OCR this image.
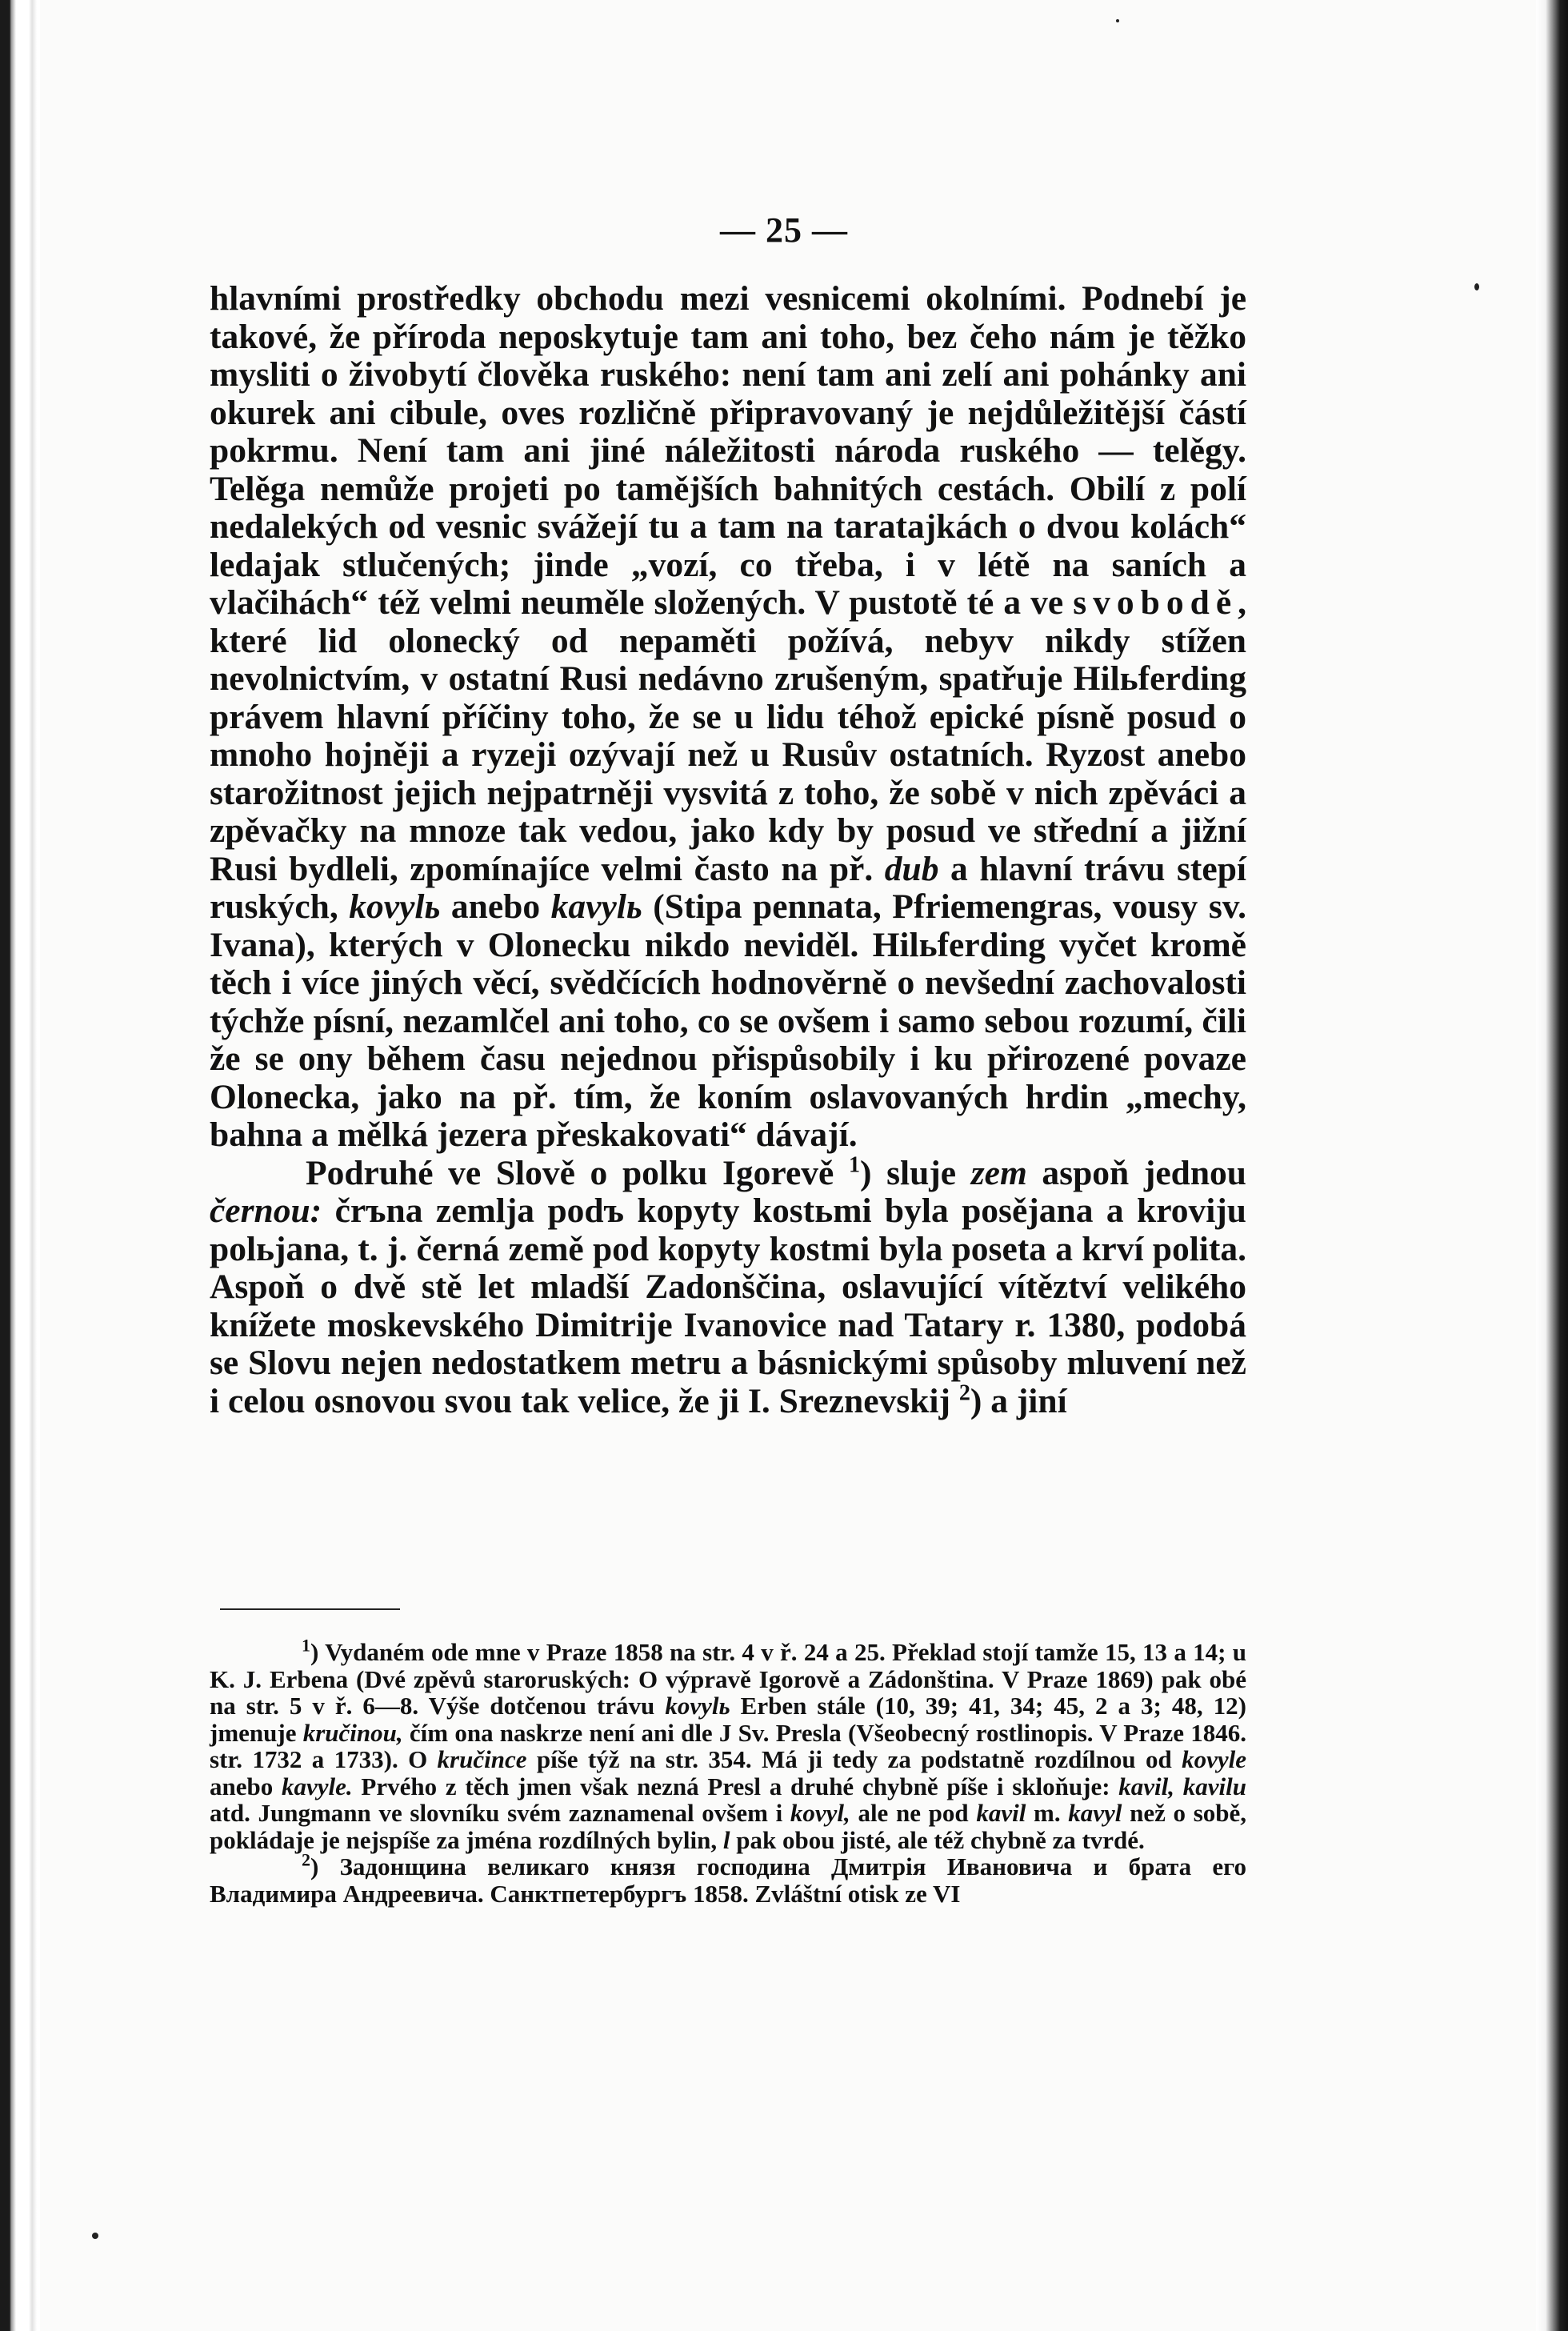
— 25 —

hlavními prostředky obchodu mezi vesnicemi okolními. Podnebí je takové, že příroda neposkytuje tam ani toho, bez čeho nám je těžko mysliti o živobytí člověka ruského: není tam ani zelí ani pohánky ani okurek ani cibule, oves rozličně připravovaný je nejdůležitější částí pokrmu. Není tam ani jiné náležitosti národa ruského — telěgy. Telěga nemůže projeti po tamějších bahnitých cestách. Obilí z polí nedalekých od vesnic svážejí tu a tam na taratajkách o dvou kolách“ ledajak stlučených; jinde „vozí, co třeba, i v létě na saních a vlačihách“ též velmi neuměle složených. V pustotě té a ve svobodě, které lid olonecký od nepaměti požívá, nebyv nikdy stížen nevolnictvím, v ostatní Rusi nedávno zrušeným, spatřuje Hilьferding právem hlavní příčiny toho, že se u lidu téhož epické písně posud o mnoho hojněji a ryzeji ozývají než u Rusův ostatních. Ryzost anebo starožitnost jejich nejpatrněji vysvitá z toho, že sobě v nich zpěváci a zpěvačky na mnoze tak vedou, jako kdy by posud ve střední a jižní Rusi bydleli, zpomínajíce velmi často na př. dub a hlavní trávu stepí ruských, kovylь anebo kavylь (Stipa pennata, Pfriemengras, vousy sv. Ivana), kterých v Olonecku nikdo neviděl. Hilьferding vyčet kromě těch i více jiných věcí, svědčících hodnověrně o nevšední zachovalosti týchže písní, nezamlčel ani toho, co se ovšem i samo sebou rozumí, čili že se ony během času nejednou přispůsobily i ku přirozené povaze Olonecka, jako na př. tím, že koním oslavovaných hrdin „mechy, bahna a mělká jezera přeskakovati“ dávají.

Podruhé ve Slově o polku Igorevě $^1$) sluje zem aspoň jednou černou: črъna zemlja podъ kopyty kostьmi byla posějana a kroviju polьjana, t. j. černá země pod kopyty kostmi byla poseta a krví polita. Aspoň o dvě stě let mladší Zadonščina, oslavující vítěztví velikého knížete moskevského Dimitrije Ivanovice nad Tatary r. 1380, podobá se Slovu nejen nedostatkem metru a básnickými spůsoby mluvení než i celou osnovou svou tak velice, že ji I. Sreznevskij $^2$) a jiní

$^1$) Vydaném ode mne v Praze 1858 na str. 4 v ř. 24 a 25. Překlad stojí tamže 15, 13 a 14; u K. J. Erbena (Dvé zpěvů staroruských: O výpravě Igorově a Zádonština. V Praze 1869) pak obé na str. 5 v ř. 6—8. Výše dotčenou trávu kovylь Erben stále (10, 39; 41, 34; 45, 2 a 3; 48, 12) jmenuje kručinou, čím ona naskrze není ani dle J Sv. Presla (Všeobecný rostlinopis. V Praze 1846. str. 1732 a 1733). O kručince píše týž na str. 354. Má ji tedy za podstatně rozdílnou od kovyle anebo kavyle. Prvého z těch jmen však nezná Presl a druhé chybně píše i skloňuje: kavil, kavilu atd. Jungmann ve slovníku svém zaznamenal ovšem i kovyl, ale ne pod kavil m. kavyl než o sobě, pokládaje je nejspíše za jména rozdílných bylin, l pak obou jisté, ale též chybně za tvrdé.

$^2$) Задонщина великаго князя господина Дмитрія Ивановича и брата его Владимира Андреевича. Санктпетербургъ 1858. Zvláštní otisk ze VI
